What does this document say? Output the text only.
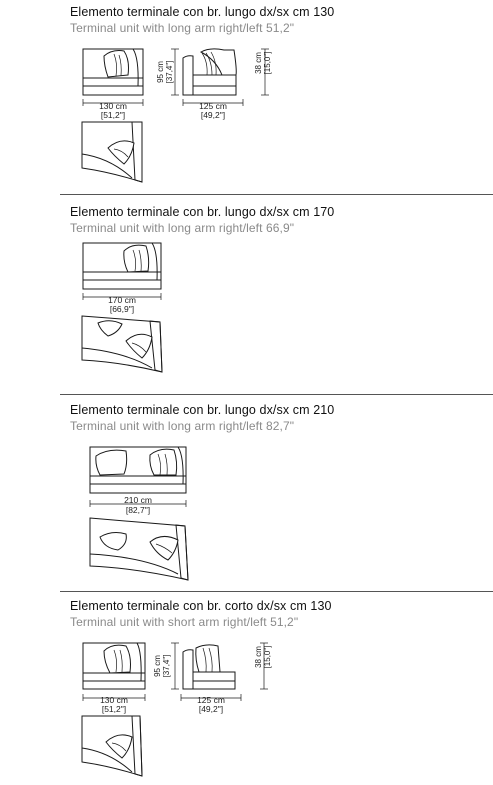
Elemento terminale con br. lungo dx/sx cm 130
Terminal unit with long arm right/left 51,2"
130 cm
[51,2"]
95 cm [37,4"]
125 cm
[49,2"]
38 cm [15,0"]
Elemento terminale con br. lungo dx/sx cm 170
Terminal unit with long arm right/left 66,9"
170 cm
[66,9"]
Elemento terminale con br. lungo dx/sx cm 210
Terminal unit with long arm right/left 82,7"
210 cm
[82,7"]
Elemento terminale con br. corto dx/sx cm 130
Terminal unit with short arm right/left 51,2"
130 cm
[51,2"]
95 cm [37,4"]
125 cm
[49,2"]
38 cm [15,0"]
